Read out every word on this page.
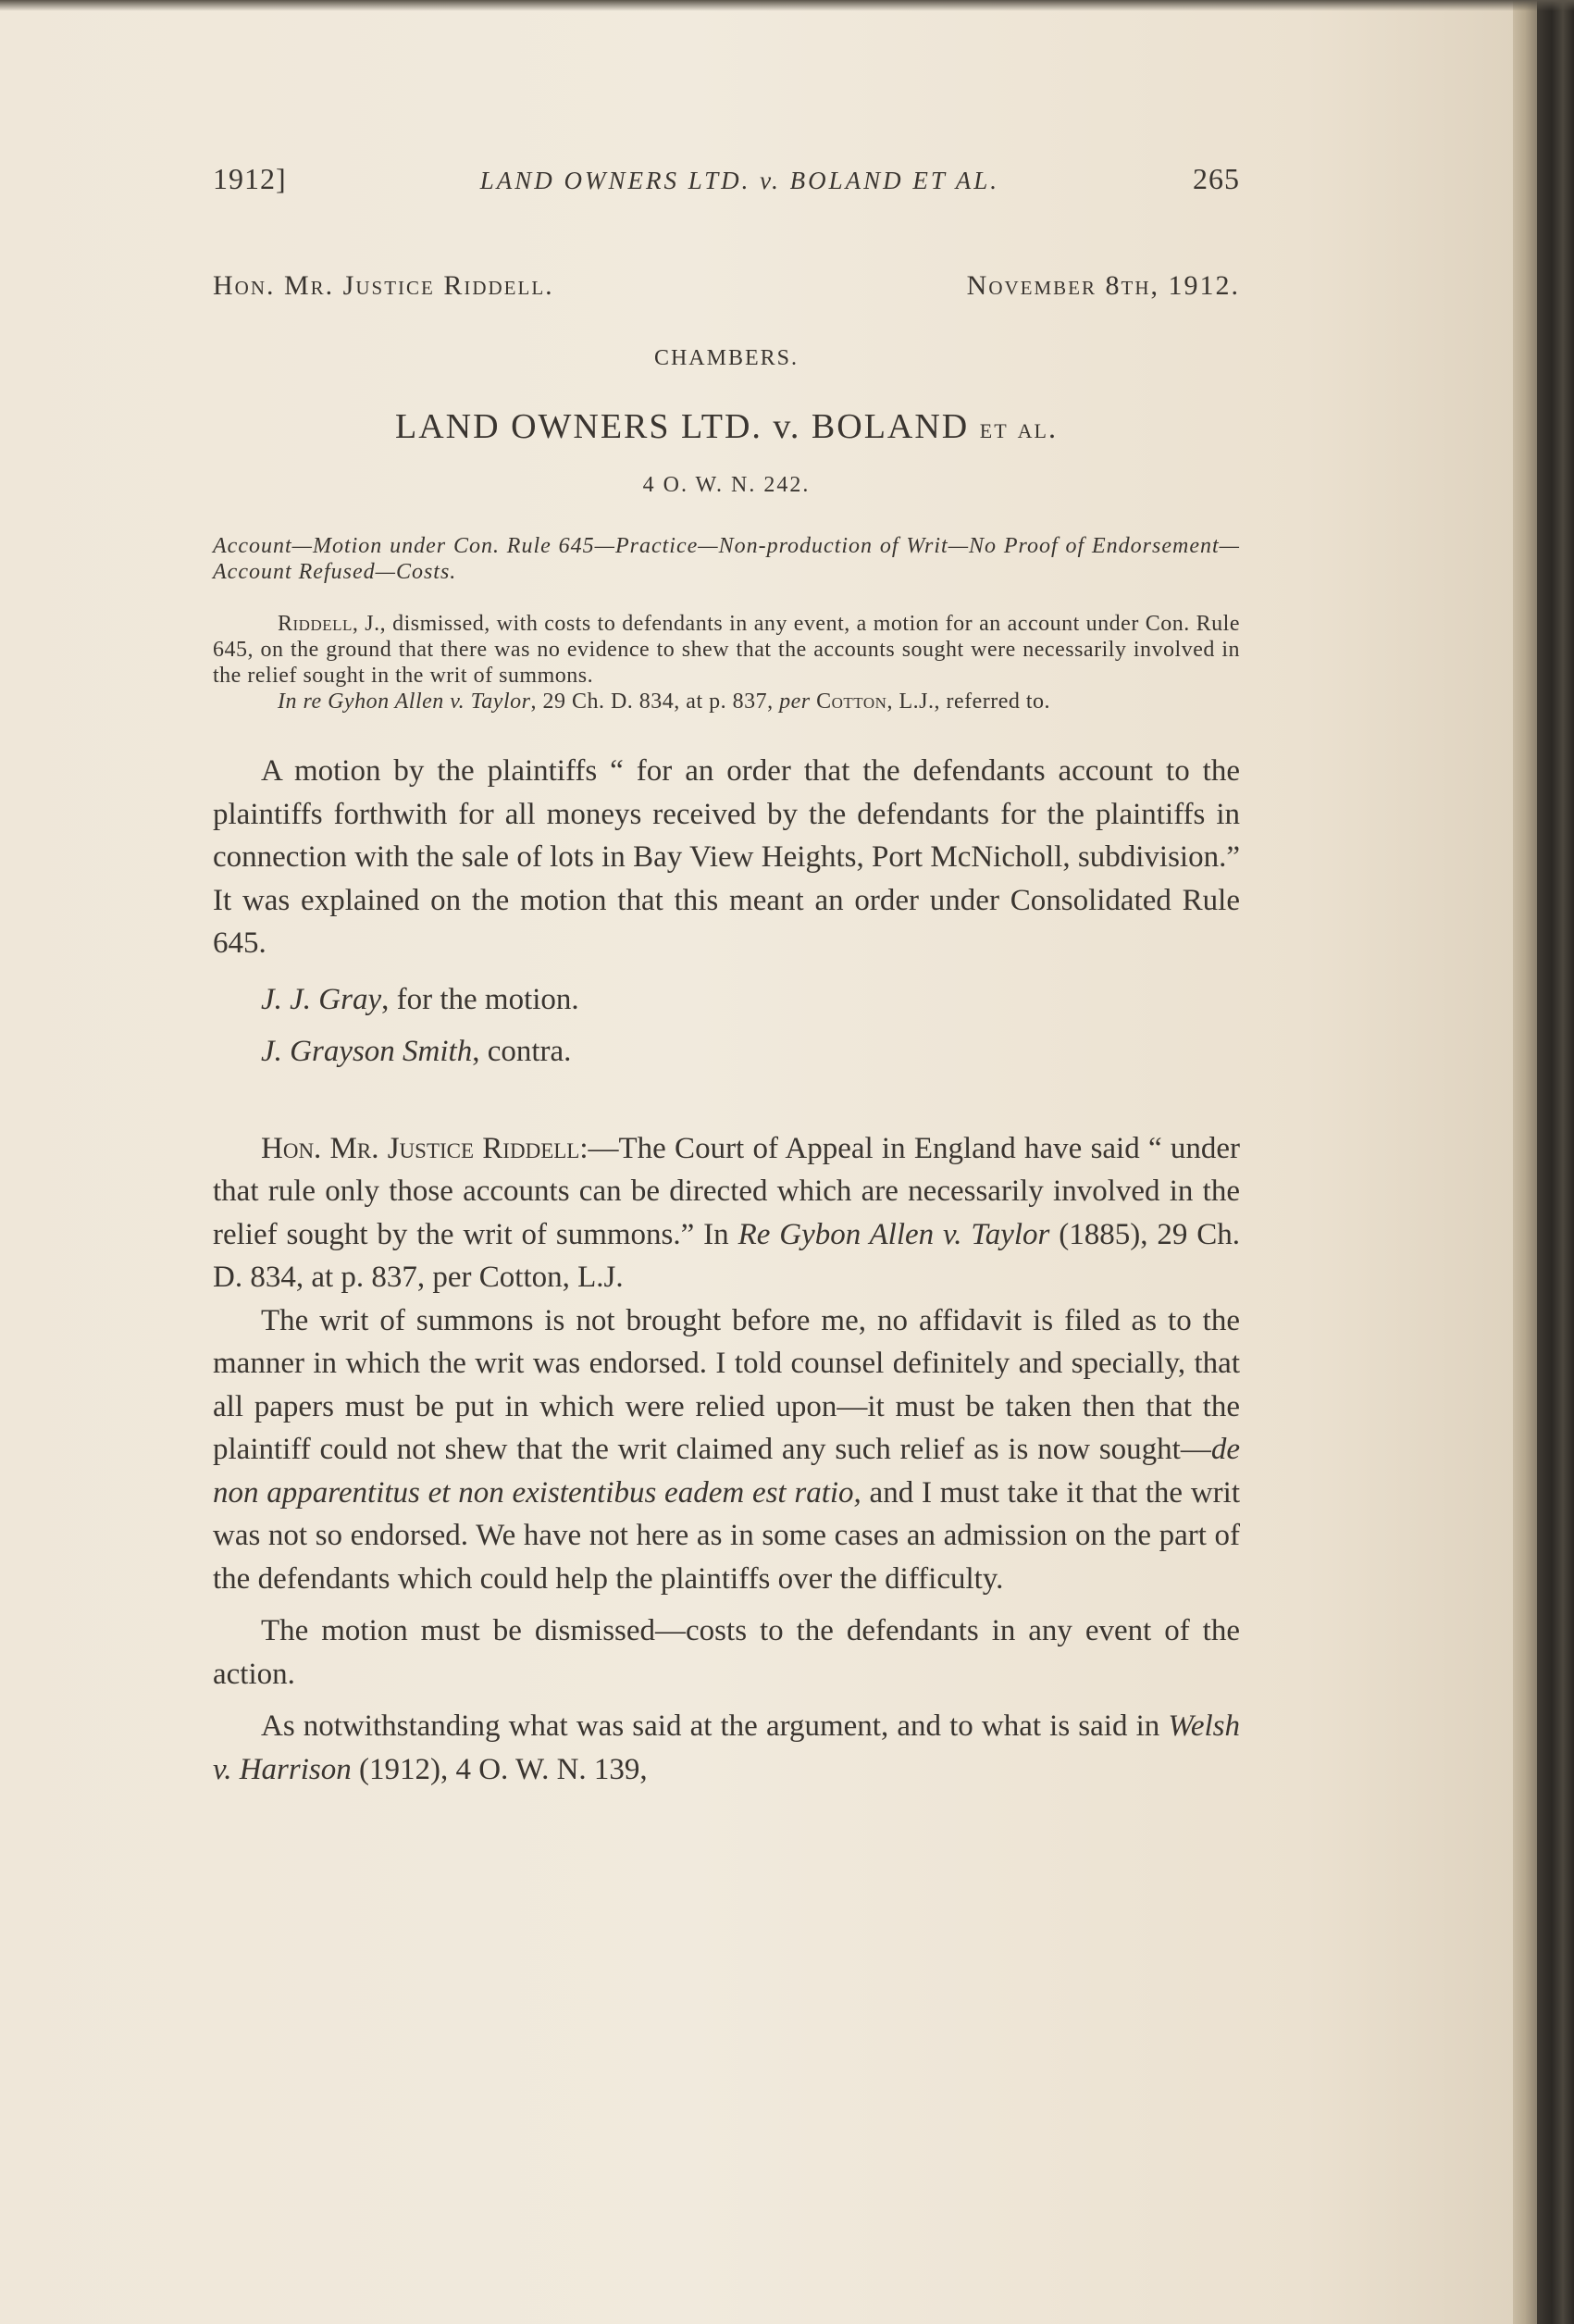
1912]	LAND OWNERS LTD. v. BOLAND ET AL.	265
Hon. Mr. Justice Riddell.	November 8th, 1912.
CHAMBERS.
LAND OWNERS LTD. v. BOLAND et al.
4 O. W. N. 242.
Account—Motion under Con. Rule 645—Practice—Non-production of Writ—No Proof of Endorsement—Account Refused—Costs.

Riddell, J., dismissed, with costs to defendants in any event, a motion for an account under Con. Rule 645, on the ground that there was no evidence to shew that the accounts sought were necessarily involved in the relief sought in the writ of summons.

In re Gyhon Allen v. Taylor, 29 Ch. D. 834, at p. 837, per Cotton, L.J., referred to.

A motion by the plaintiffs “ for an order that the defendants account to the plaintiffs forthwith for all moneys received by the defendants for the plaintiffs in connection with the sale of lots in Bay View Heights, Port McNicholl, subdivision.” It was explained on the motion that this meant an order under Consolidated Rule 645.

J. J. Gray, for the motion.

J. Grayson Smith, contra.

Hon. Mr. Justice Riddell:—The Court of Appeal in England have said “ under that rule only those accounts can be directed which are necessarily involved in the relief sought by the writ of summons.” In Re Gybon Allen v. Taylor (1885), 29 Ch. D. 834, at p. 837, per Cotton, L.J.

The writ of summons is not brought before me, no affidavit is filed as to the manner in which the writ was endorsed. I told counsel definitely and specially, that all papers must be put in which were relied upon—it must be taken then that the plaintiff could not shew that the writ claimed any such relief as is now sought—de non apparentitus et non existentibus eadem est ratio, and I must take it that the writ was not so endorsed. We have not here as in some cases an admission on the part of the defendants which could help the plaintiffs over the difficulty.

The motion must be dismissed—costs to the defendants in any event of the action.

As notwithstanding what was said at the argument, and to what is said in Welsh v. Harrison (1912), 4 O. W. N. 139,
